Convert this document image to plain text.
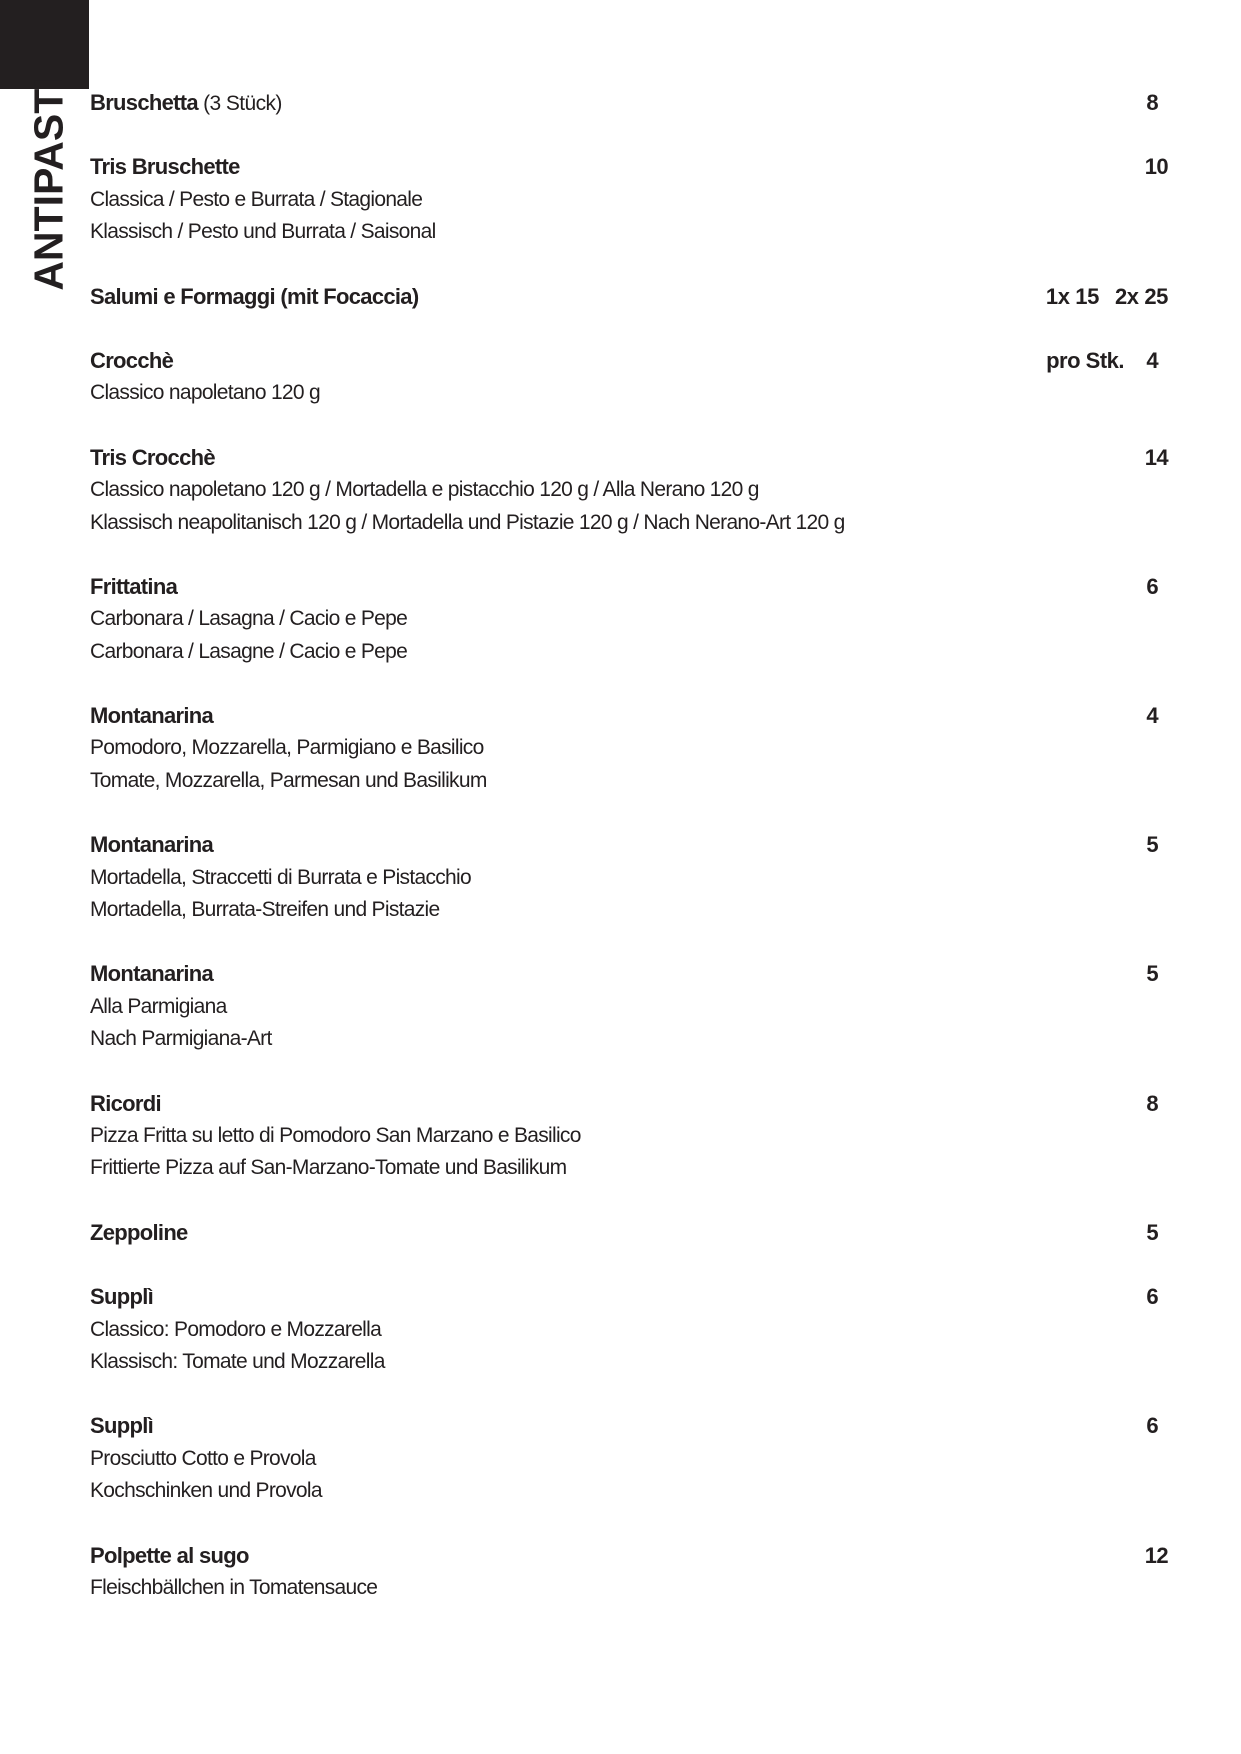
ANTIPASTI Bruschetta (3 Stück)	8
Tris Bruschette	10
Classica / Pesto e Burrata / Stagionale
Klassisch / Pesto und Burrata / Saisonal
Salumi e Formaggi (mit Focaccia)	1x 15 2x 25
Crocchè	pro Stk. 4
Classico napoletano 120 g
Tris Crocchè	14
Classico napoletano 120 g / Mortadella e pistacchio 120 g / Alla Nerano 120 g
Klassisch neapolitanisch 120 g / Mortadella und Pistazie 120 g / Nach Nerano-Art 120 g
Frittatina	6
Carbonara / Lasagna / Cacio e Pepe
Carbonara / Lasagne / Cacio e Pepe
Montanarina	4
Pomodoro, Mozzarella, Parmigiano e Basilico
Tomate, Mozzarella, Parmesan und Basilikum
Montanarina	5
Mortadella, Straccetti di Burrata e Pistacchio
Mortadella, Burrata-Streifen und Pistazie
Montanarina	5
Alla Parmigiana
Nach Parmigiana-Art
Ricordi	8
Pizza Fritta su letto di Pomodoro San Marzano e Basilico
Frittierte Pizza auf San-Marzano-Tomate und Basilikum
Zeppoline	5
Supplì	6
Classico: Pomodoro e Mozzarella
Klassisch: Tomate und Mozzarella
Supplì	6
Prosciutto Cotto e Provola
Kochschinken und Provola
Polpette al sugo	12
Fleischbällchen in Tomatensauce
